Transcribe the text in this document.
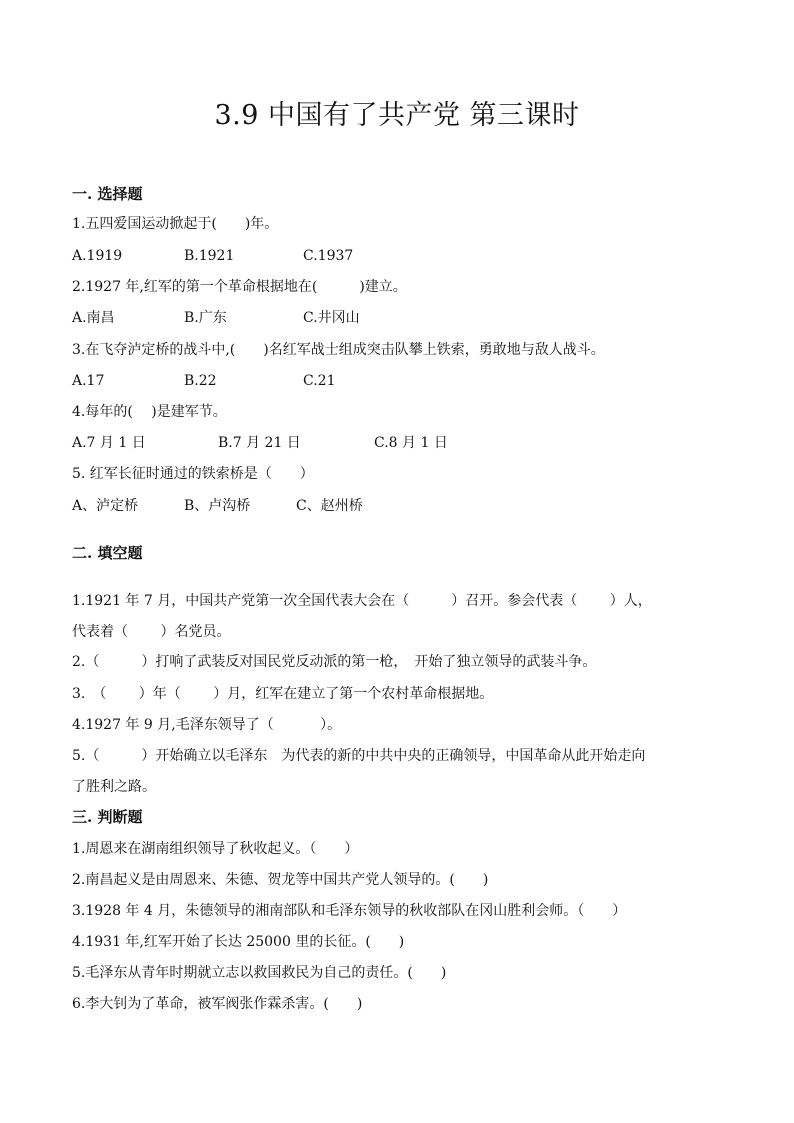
3.9 中国有了共产党 第三课时
一. 选择题
1.五四爱国运动掀起于(　　)年。
A.1919	B.1921	C.1937
2.1927 年,红军的第一个革命根据地在(　　　)建立。
A.南昌	B.广东	C.井冈山
3.在飞夺泸定桥的战斗中,(　　)名红军战士组成突击队攀上铁索，勇敢地与敌人战斗。
A.17	B.22	C.21
4.每年的(　 )是建军节。
A.7 月 1 日	B.7 月 21 日	C.8 月 1 日
5. 红军长征时通过的铁索桥是（　　）
A、泸定桥	B、卢沟桥	C、赵州桥
二. 填空题
1.1921 年 7 月，中国共产党第一次全国代表大会在（　　　）召开。参会代表（　　 ）人，
代表着（　　 ）名党员。
2.（　　　）打响了武装反对国民党反动派的第一枪，　开始了独立领导的武装斗争。
3.　（　　 ）年（　　 ）月，红军在建立了第一个农村革命根据地。
4.1927 年 9 月,毛泽东领导了（　　　 ）。
5.（　　　）开始确立以毛泽东　为代表的新的中共中央的正确领导，中国革命从此开始走向
了胜利之路。
三. 判断题
1.周恩来在湖南组织领导了秋收起义。（　　）
2.南昌起义是由周恩来、朱德、贺龙等中国共产党人领导的。(　　)
3.1928 年 4 月，朱德领导的湘南部队和毛泽东领导的秋收部队在冈山胜利会师。（　　）
4.1931 年,红军开始了长达 25000 里的长征。(　　)
5.毛泽东从青年时期就立志以救国救民为自己的责任。(　　)
6.李大钊为了革命，被军阀张作霖杀害。(　　)
